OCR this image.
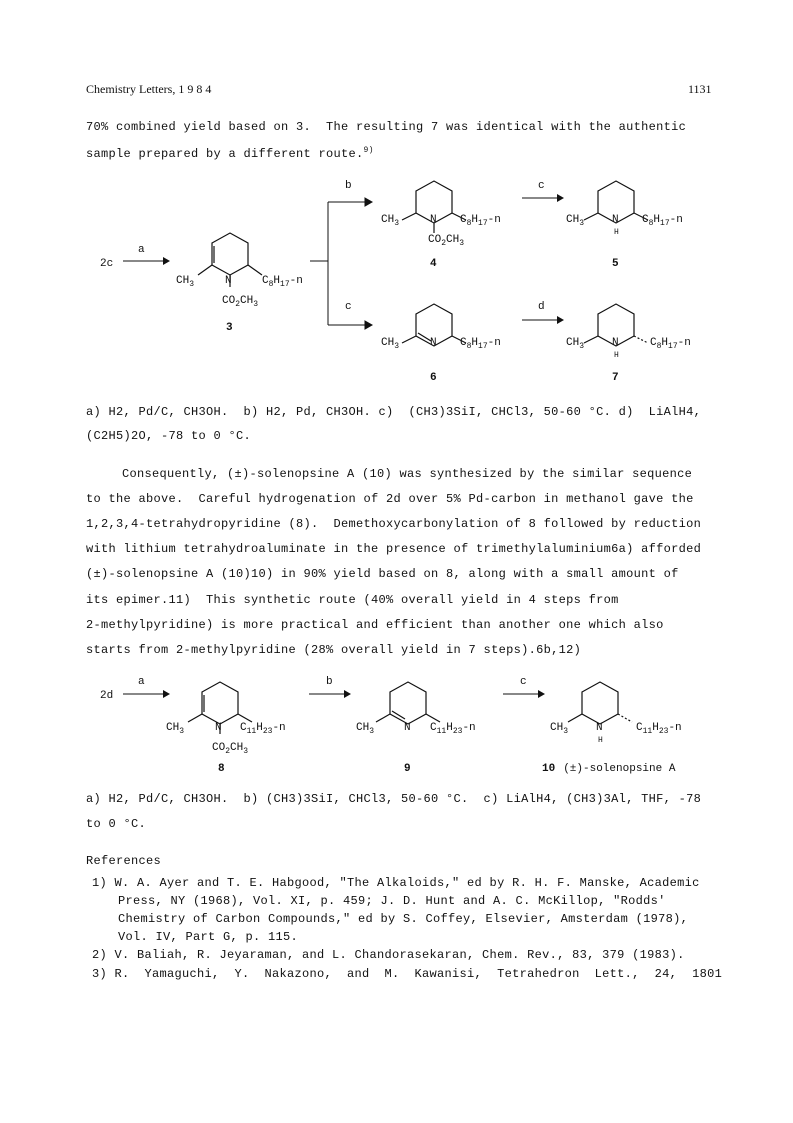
Chemistry Letters, 1 9 8 4	1131
70% combined yield based on 3.  The resulting 7 was identical with the authentic
sample prepared by a different route.$^{9)}$
2c
a
$CH_3$	N	$C_8H_{17}-n$
$CO_2CH_3$
3
b
c
$CH_3$	N $C_8H_{17}-n$
$CO_2CH_3$
4
c
$CH_3$	N $C_8H_{17}-n$
H
5
$CH_3$	N $C_8H_{17}-n$
6
d
$CH_3$	N	$C_8H_{17}-n$
H
7
a) H2, Pd/C, CH3OH.  b) H2, Pd, CH3OH. c)  (CH3)3SiI, CHCl3, 50-60 °C. d)  LiAlH4,
(C2H5)2O, -78 to 0 °C.
Consequently, (±)-solenopsine A (10) was synthesized by the similar sequence
to the above.  Careful hydrogenation of 2d over 5% Pd-carbon in methanol gave the
1,2,3,4-tetrahydropyridine (8).  Demethoxycarbonylation of 8 followed by reduction
with lithium tetrahydroaluminate in the presence of trimethylaluminium6a) afforded
(±)-solenopsine A (10)10) in 90% yield based on 8, along with a small amount of
its epimer.11)  This synthetic route (40% overall yield in 4 steps from
2-methylpyridine) is more practical and efficient than another one which also
starts from 2-methylpyridine (28% overall yield in 7 steps).6b,12)
2d
a
$CH_3$	N $C_{11}H_{23}-n$
$CO_2CH_3$
8
b
$CH_3$	N $C_{11}H_{23}-n$
9
c
$CH_3$	N	$C_{11}H_{23}-n$
H
10 (±)-solenopsine A
a) H2, Pd/C, CH3OH.  b) (CH3)3SiI, CHCl3, 50-60 °C.  c) LiAlH4, (CH3)3Al, THF, -78
to 0 °C.
References
1) W. A. Ayer and T. E. Habgood, "The Alkaloids," ed by R. H. F. Manske, Academic
Press, NY (1968), Vol. XI, p. 459; J. D. Hunt and A. C. McKillop, "Rodds'
Chemistry of Carbon Compounds," ed by S. Coffey, Elsevier, Amsterdam (1978),
Vol. IV, Part G, p. 115.
2) V. Baliah, R. Jeyaraman, and L. Chandorasekaran, Chem. Rev., 83, 379 (1983).
3) R.  Yamaguchi,  Y.  Nakazono,  and  M.  Kawanisi,  Tetrahedron  Lett.,  24,  1801
